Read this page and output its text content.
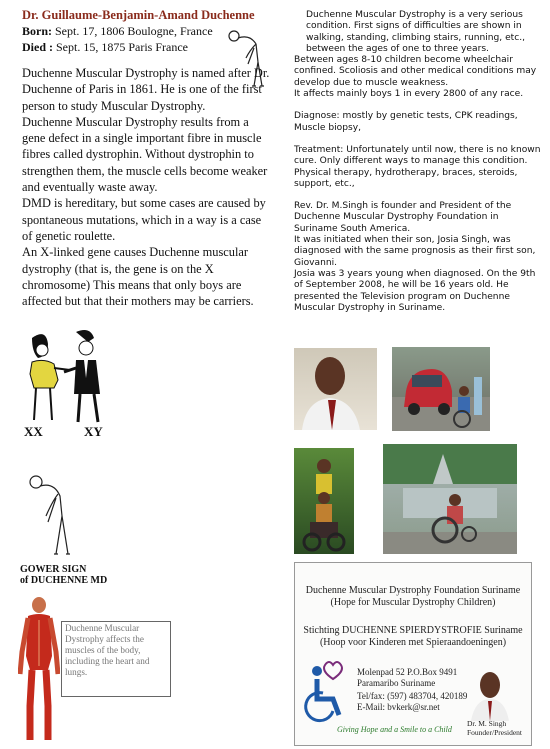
Dr. Guillaume-Benjamin-Amand Duchenne
Born: Sept. 17, 1806 Boulogne, France
Died : Sept. 15, 1875 Paris France

Duchenne Muscular Dystrophy is named after Dr. Duchenne of Paris in 1861. He is one of the first person to study Muscular Dystrophy.

Duchenne Muscular Dystrophy results from a gene defect in a single important fibre in muscle fibres called dystrophin. Without dystrophin to strengthen them, the muscle cells become weaker and eventually waste away.

DMD is hereditary, but some cases are caused by spontaneous mutations, which in a way is a case of genetic roulette.

An X-linked gene causes Duchenne muscular dystrophy (that is, the gene is on the X chromosome) This means that only boys are affected but that their mothers may be carriers.

XX	XY
GOWER SIGN
of DUCHENNE MD
Duchenne Muscular Dystrophy affects the muscles of the body, including the heart and lungs.

Duchenne Muscular Dystrophy is a very serious condition. First signs of difficulties are shown in walking, standing, climbing stairs, running, etc., between the ages of one to three years.

Between ages 8-10 children become wheelchair confined. Scoliosis and other medical conditions may develop due to muscle weakness.

It affects mainly boys 1 in every 2800 of any race.

Diagnose: mostly by genetic tests, CPK readings, Muscle biopsy,

Treatment: Unfortunately until now, there is no known cure. Only different ways to manage this condition. Physical therapy, hydrotherapy, braces, steroids, support, etc.,

Rev. Dr. M.Singh is founder and President of the Duchenne Muscular Dystrophy Foundation in Suriname South America.

It was initiated when their son, Josia Singh, was diagnosed with the same prognosis as their first son, Giovanni.

Josia was 3 years young when diagnosed. On the 9th of September 2008, he will be 16 years old. He presented the Television program on Duchenne Muscular Dystrophy in Suriname.

Duchenne Muscular Dystrophy Foundation Suriname
(Hope for Muscular Dystrophy Children)
Stichting DUCHENNE SPIERDYSTROFIE Suriname
(Hoop voor Kinderen met Spieraandoeningen)
Molenpad 52 P.O.Box 9491
Paramaribo Suriname
Tel/fax: (597) 483704, 420189
E-Mail: bvkerk@sr.net
Giving Hope and a Smile to a Child
Dr. M. Singh
Founder/President
